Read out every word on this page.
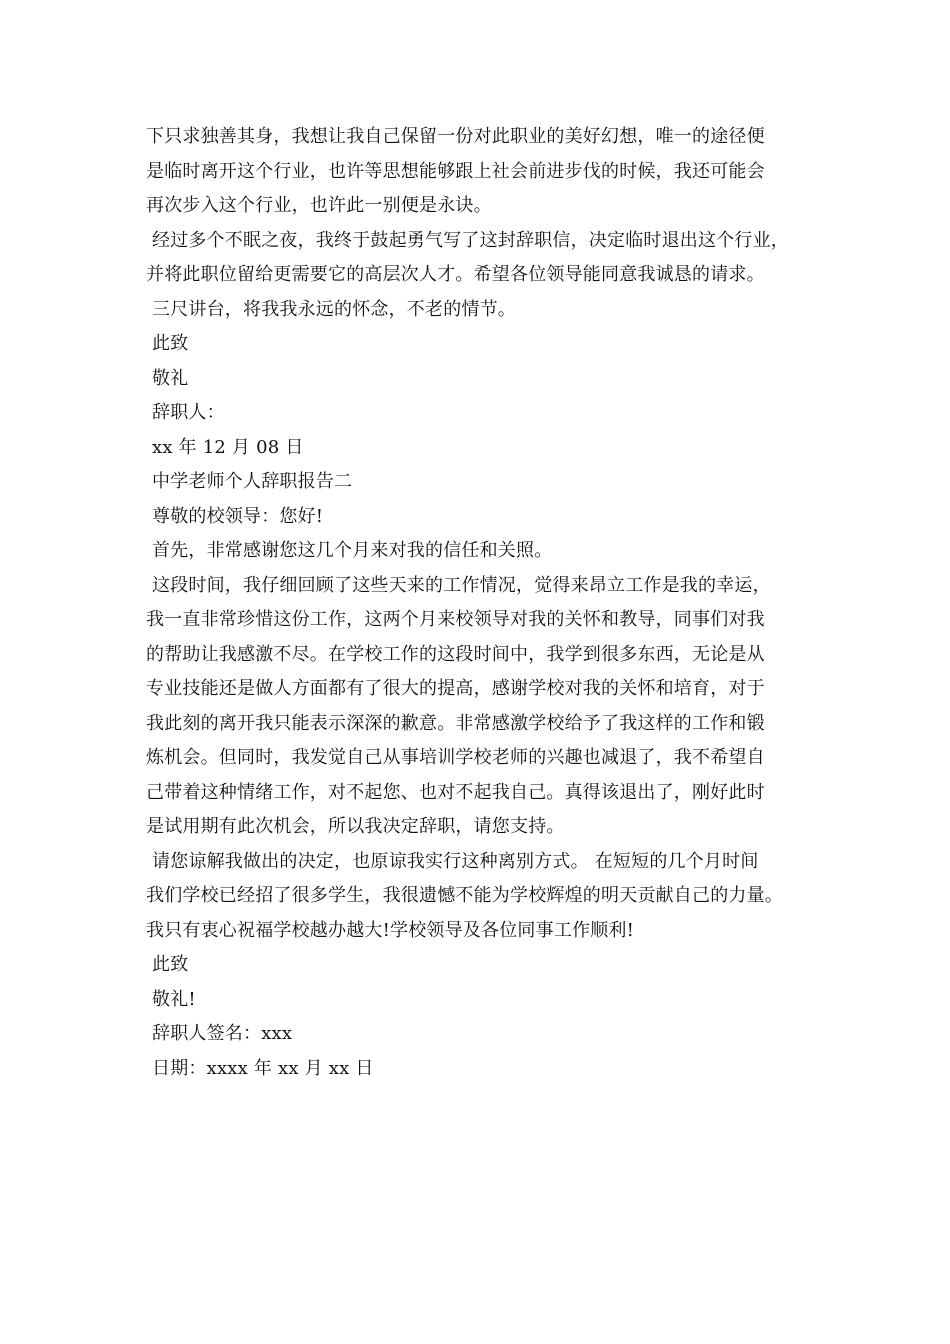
下只求独善其身，我想让我自己保留一份对此职业的美好幻想，唯一的途径便
是临时离开这个行业，也许等思想能够跟上社会前进步伐的时候，我还可能会
再次步入这个行业，也许此一别便是永诀。
经过多个不眠之夜，我终于鼓起勇气写了这封辞职信，决定临时退出这个行业，
并将此职位留给更需要它的高层次人才。希望各位领导能同意我诚恳的请求。
三尺讲台，将我我永远的怀念，不老的情节。
此致
敬礼
辞职人：
xx 年 12 月 08 日
中学老师个人辞职报告二
尊敬的校领导：您好!
首先，非常感谢您这几个月来对我的信任和关照。
这段时间，我仔细回顾了这些天来的工作情况，觉得来昂立工作是我的幸运，
我一直非常珍惜这份工作，这两个月来校领导对我的关怀和教导，同事们对我
的帮助让我感激不尽。在学校工作的这段时间中，我学到很多东西，无论是从
专业技能还是做人方面都有了很大的提高，感谢学校对我的关怀和培育，对于
我此刻的离开我只能表示深深的歉意。非常感激学校给予了我这样的工作和锻
炼机会。但同时，我发觉自己从事培训学校老师的兴趣也减退了，我不希望自
己带着这种情绪工作，对不起您、也对不起我自己。真得该退出了，刚好此时
是试用期有此次机会，所以我决定辞职，请您支持。
请您谅解我做出的决定，也原谅我实行这种离别方式。 在短短的几个月时间
我们学校已经招了很多学生，我很遗憾不能为学校辉煌的明天贡献自己的力量。
我只有衷心祝福学校越办越大!学校领导及各位同事工作顺利!
此致
敬礼!
辞职人签名：xxx
日期：xxxx 年 xx 月 xx 日
